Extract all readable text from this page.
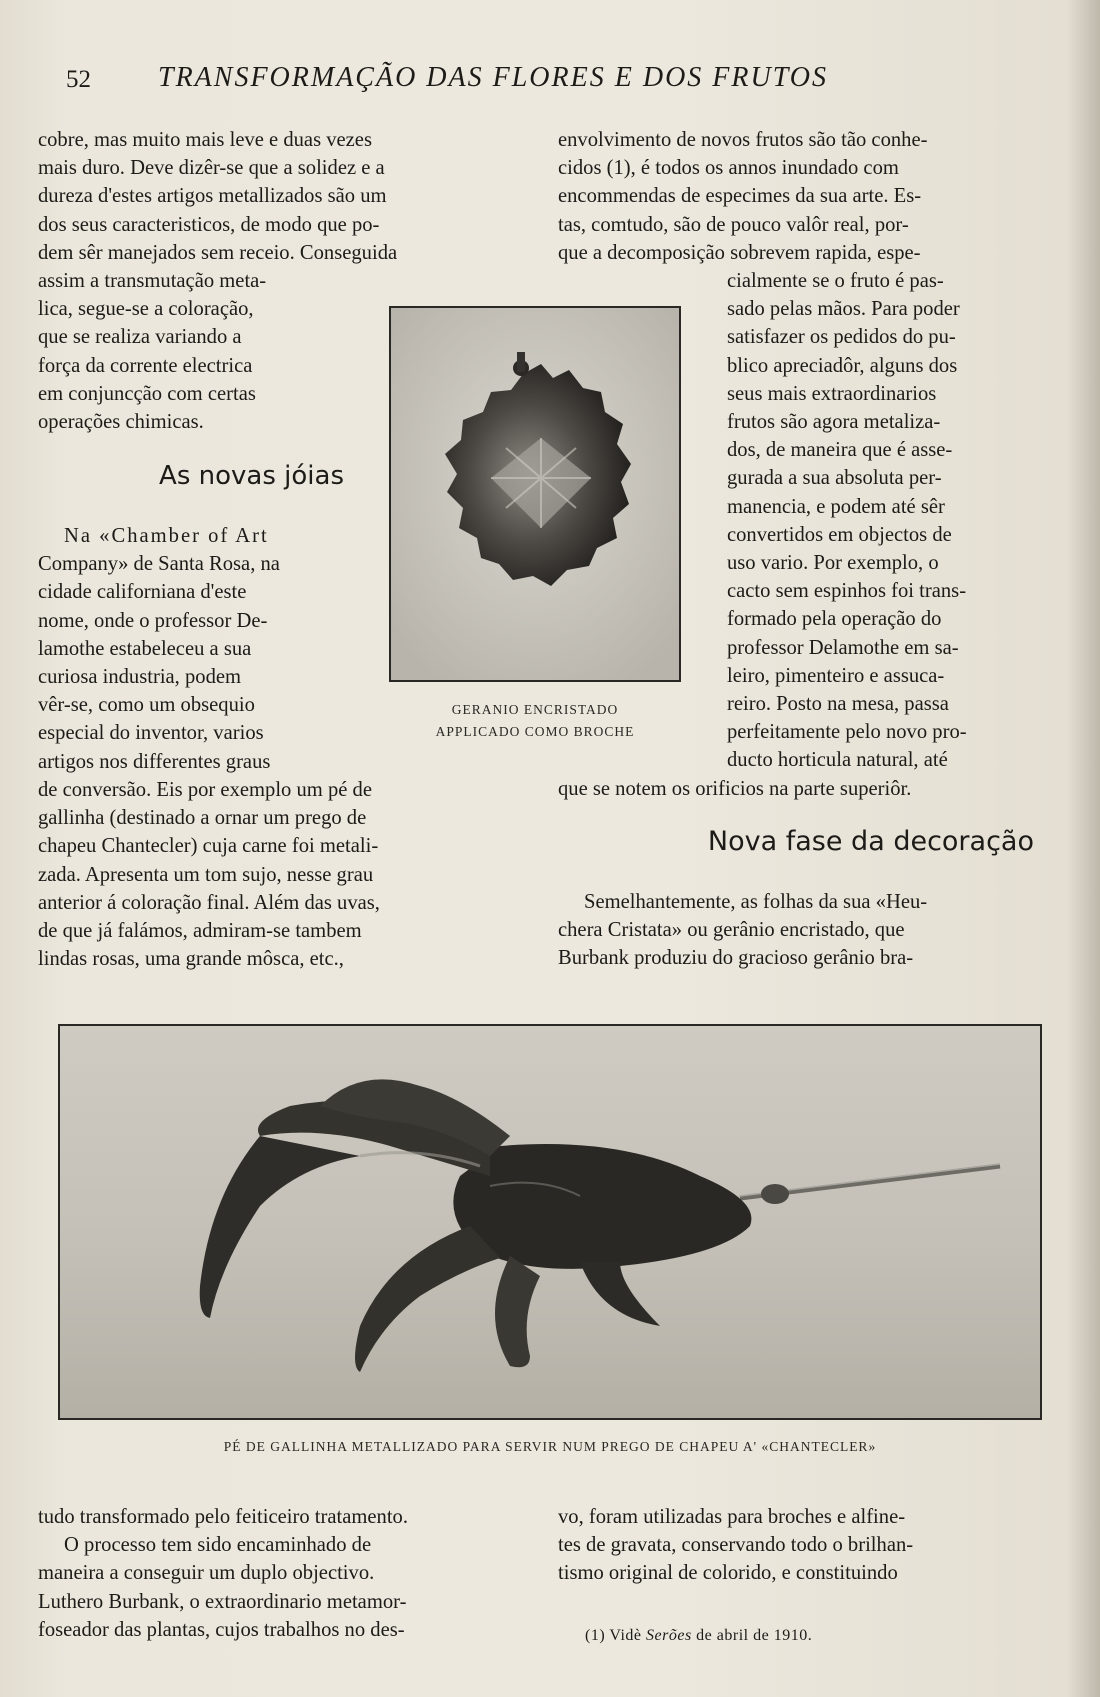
52 TRANSFORMAÇÃO DAS FLORES E DOS FRUTOS

cobre, mas muito mais leve e duas vezes

mais duro. Deve dizêr-se que a solidez e a

dureza d'estes artigos metallizados são um

dos seus caracteristicos, de modo que po-

dem sêr manejados sem receio. Conseguida

assim a transmutação meta-

lica, segue-se a coloração,

que se realiza variando a

força da corrente electrica

em conjuncção com certas

operações chimicas.

As novas jóias

Na «Chamber of Art

Company» de Santa Rosa, na

cidade californiana d'este

nome, onde o professor De-

lamothe estabeleceu a sua

curiosa industria, podem

vêr-se, como um obsequio

especial do inventor, varios

artigos nos differentes graus

de conversão. Eis por exemplo um pé de

gallinha (destinado a ornar um prego de

chapeu Chantecler) cuja carne foi metali-

zada. Apresenta um tom sujo, nesse grau

anterior á coloração final. Além das uvas,

de que já falámos, admiram-se tambem

lindas rosas, uma grande môsca, etc.,

GERANIO ENCRISTADO
APPLICADO COMO BROCHE

envolvimento de novos frutos são tão conhe-

cidos (1), é todos os annos inundado com

encommendas de especimes da sua arte. Es-

tas, comtudo, são de pouco valôr real, por-

que a decomposição sobrevem rapida, espe-

cialmente se o fruto é pas-

sado pelas mãos. Para poder

satisfazer os pedidos do pu-

blico apreciadôr, alguns dos

seus mais extraordinarios

frutos são agora metaliza-

dos, de maneira que é asse-

gurada a sua absoluta per-

manencia, e podem até sêr

convertidos em objectos de

uso vario. Por exemplo, o

cacto sem espinhos foi trans-

formado pela operação do

professor Delamothe em sa-

leiro, pimenteiro e assuca-

reiro. Posto na mesa, passa

perfeitamente pelo novo pro-

ducto horticula natural, até

que se notem os orificios na parte superiôr.

Nova fase da decoração

Semelhantemente, as folhas da sua «Heu-

chera Cristata» ou gerânio encristado, que

Burbank produziu do gracioso gerânio bra-

PÉ DE GALLINHA METALLIZADO PARA SERVIR NUM PREGO DE CHAPEU A' «CHANTECLER»

tudo transformado pelo feiticeiro tratamento.

O processo tem sido encaminhado de

maneira a conseguir um duplo objectivo.

Luthero Burbank, o extraordinario metamor-

foseador das plantas, cujos trabalhos no des-

vo, foram utilizadas para broches e alfine-

tes de gravata, conservando todo o brilhan-

tismo original de colorido, e constituindo

(1) Vidè Serões de abril de 1910.
